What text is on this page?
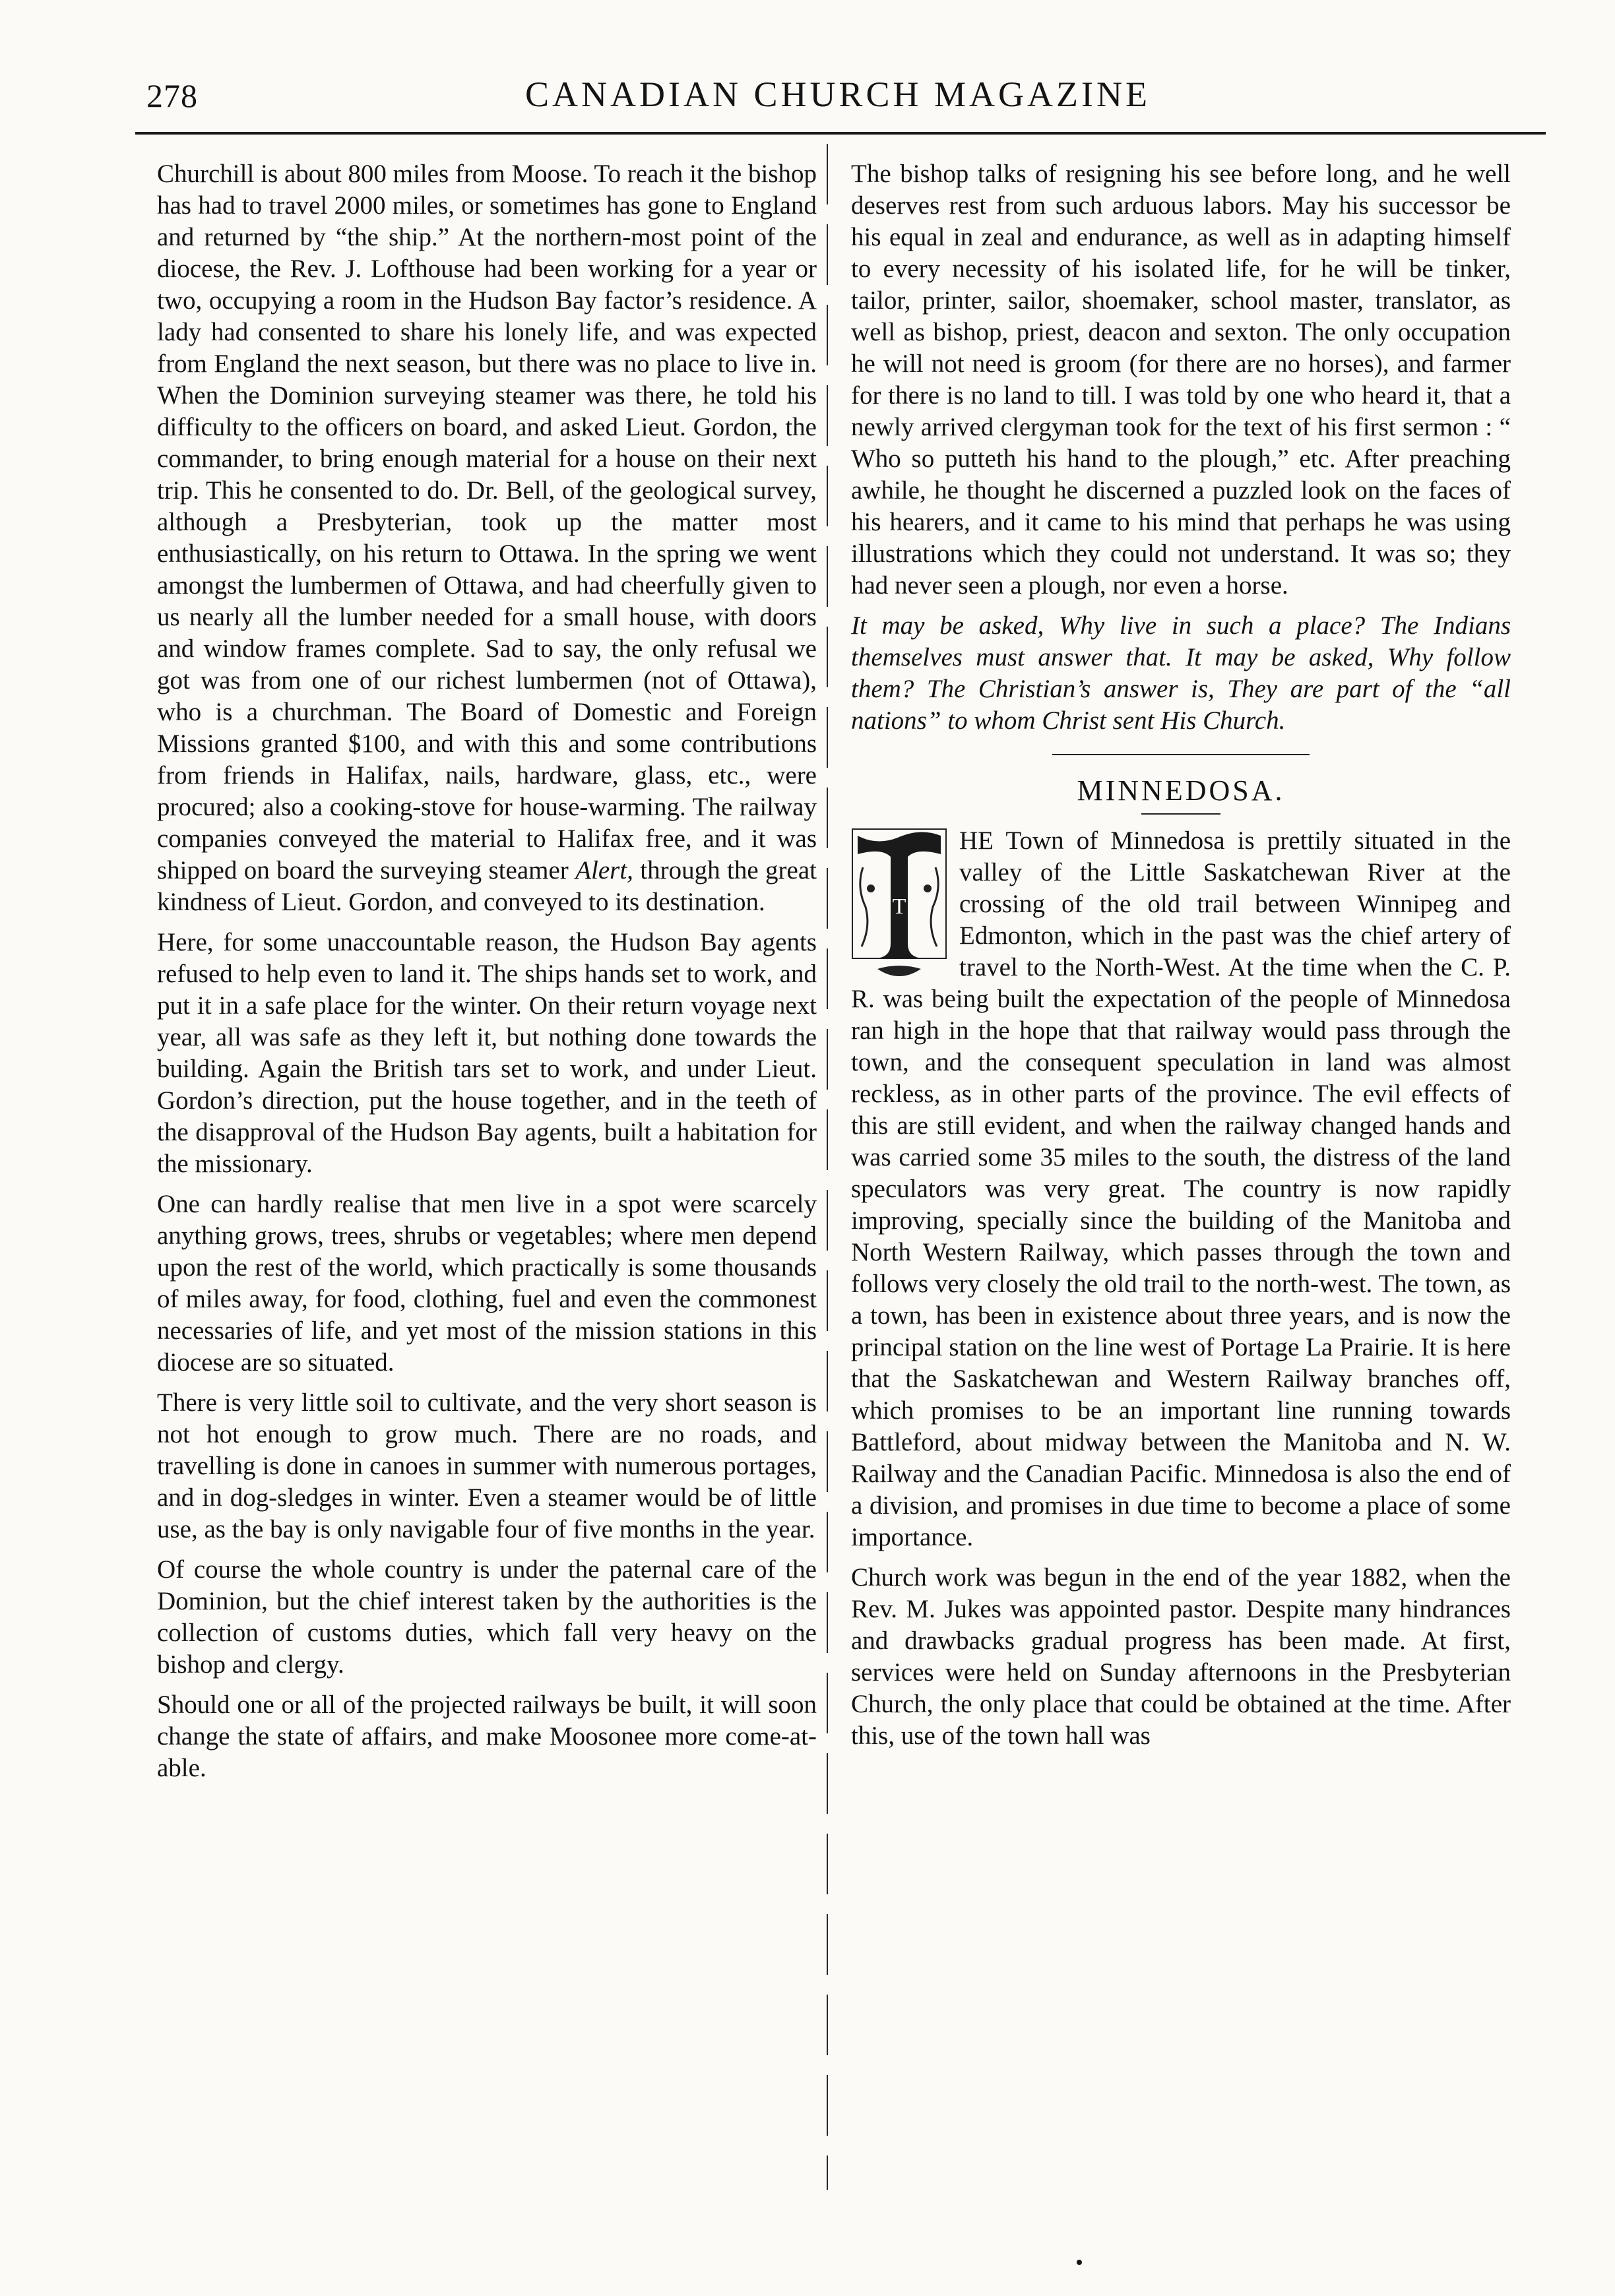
278	CANADIAN CHURCH MAGAZINE

Churchill is about 800 miles from Moose. To reach it the bishop has had to travel 2000 miles, or sometimes has gone to England and returned by “the ship.” At the northern-most point of the diocese, the Rev. J. Lofthouse had been working for a year or two, occupying a room in the Hudson Bay factor’s residence. A lady had consented to share his lonely life, and was expected from England the next season, but there was no place to live in. When the Dominion surveying steamer was there, he told his difficulty to the officers on board, and asked Lieut. Gordon, the commander, to bring enough material for a house on their next trip. This he consented to do. Dr. Bell, of the geological survey, although a Presbyterian, took up the matter most enthusiastically, on his return to Ottawa. In the spring we went amongst the lumbermen of Ottawa, and had cheerfully given to us nearly all the lumber needed for a small house, with doors and window frames complete. Sad to say, the only refusal we got was from one of our richest lumbermen (not of Ottawa), who is a churchman. The Board of Domestic and Foreign Missions granted $100, and with this and some contributions from friends in Halifax, nails, hardware, glass, etc., were procured; also a cooking-stove for house-warming. The railway companies conveyed the material to Halifax free, and it was shipped on board the surveying steamer Alert, through the great kindness of Lieut. Gordon, and conveyed to its destination.

Here, for some unaccountable reason, the Hudson Bay agents refused to help even to land it. The ships hands set to work, and put it in a safe place for the winter. On their return voyage next year, all was safe as they left it, but nothing done towards the building. Again the British tars set to work, and under Lieut. Gordon’s direction, put the house together, and in the teeth of the disapproval of the Hudson Bay agents, built a habitation for the missionary.

One can hardly realise that men live in a spot were scarcely anything grows, trees, shrubs or vegetables; where men depend upon the rest of the world, which practically is some thousands of miles away, for food, clothing, fuel and even the commonest necessaries of life, and yet most of the mission stations in this diocese are so situated.

There is very little soil to cultivate, and the very short season is not hot enough to grow much. There are no roads, and travelling is done in canoes in summer with numerous portages, and in dog-sledges in winter. Even a steamer would be of little use, as the bay is only navigable four of five months in the year.

Of course the whole country is under the paternal care of the Dominion, but the chief interest taken by the authorities is the collection of customs duties, which fall very heavy on the bishop and clergy.

Should one or all of the projected railways be built, it will soon change the state of affairs, and make Moosonee more come-at-able.

The bishop talks of resigning his see before long, and he well deserves rest from such arduous labors. May his successor be his equal in zeal and endurance, as well as in adapting himself to every necessity of his isolated life, for he will be tinker, tailor, printer, sailor, shoemaker, school master, translator, as well as bishop, priest, deacon and sexton. The only occupation he will not need is groom (for there are no horses), and farmer for there is no land to till. I was told by one who heard it, that a newly arrived clergyman took for the text of his first sermon : “ Who so putteth his hand to the plough,” etc. After preaching awhile, he thought he discerned a puzzled look on the faces of his hearers, and it came to his mind that perhaps he was using illustrations which they could not understand. It was so; they had never seen a plough, nor even a horse.

It may be asked, Why live in such a place? The Indians themselves must answer that. It may be asked, Why follow them? The Christian’s answer is, They are part of the “all nations” to whom Christ sent His Church.

MINNEDOSA.

T
HE Town of Minnedosa is prettily situated in the valley of the Little Saskatchewan River at the crossing of the old trail between Winnipeg and Edmonton, which in the past was the chief artery of travel to the North-West. At the time when the C. P. R. was being built the expectation of the people of Minnedosa ran high in the hope that that railway would pass through the town, and the consequent speculation in land was almost reckless, as in other parts of the province. The evil effects of this are still evident, and when the railway changed hands and was carried some 35 miles to the south, the distress of the land speculators was very great. The country is now rapidly improving, specially since the building of the Manitoba and North Western Railway, which passes through the town and follows very closely the old trail to the north-west. The town, as a town, has been in existence about three years, and is now the principal station on the line west of Portage La Prairie. It is here that the Saskatchewan and Western Railway branches off, which promises to be an important line running towards Battleford, about midway between the Manitoba and N. W. Railway and the Canadian Pacific. Minnedosa is also the end of a division, and promises in due time to become a place of some importance.

Church work was begun in the end of the year 1882, when the Rev. M. Jukes was appointed pastor. Despite many hindrances and drawbacks gradual progress has been made. At first, services were held on Sunday afternoons in the Presbyterian Church, the only place that could be obtained at the time. After this, use of the town hall was

•
